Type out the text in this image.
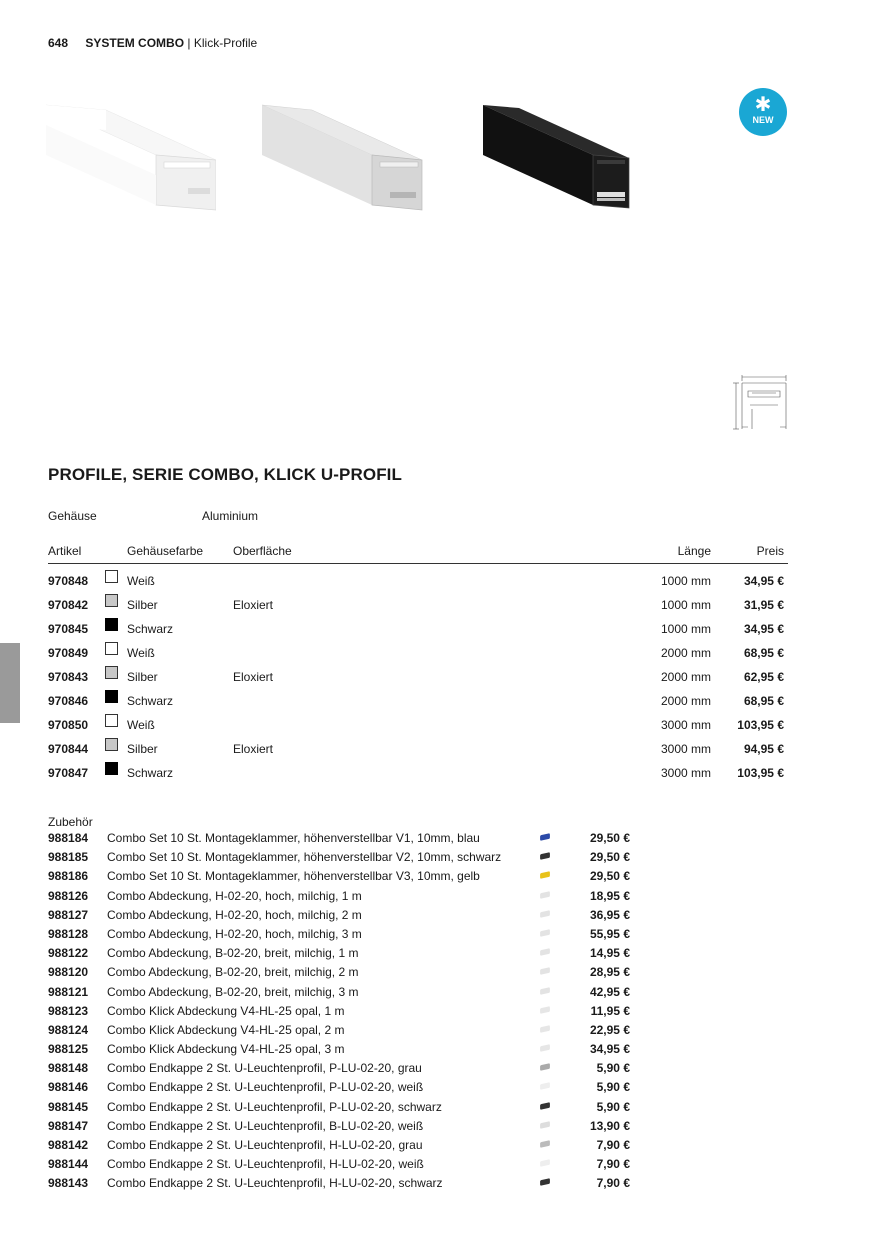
648 SYSTEM COMBO | Klick-Profile
✱
NEW
PROFILE, SERIE COMBO, KLICK U-PROFIL
Gehäuse	Aluminium
Artikel	Gehäusefarbe Oberfläche	Länge	Preis
970848	Weiß	1000 mm	34,95 €
970842	Silber	Eloxiert	1000 mm	31,95 €
970845	Schwarz	1000 mm	34,95 €
970849	Weiß	2000 mm	68,95 €
970843	Silber	Eloxiert	2000 mm	62,95 €
970846	Schwarz	2000 mm	68,95 €
970850	Weiß	3000 mm 103,95 €
970844	Silber	Eloxiert	3000 mm	94,95 €
970847	Schwarz	3000 mm 103,95 €
Zubehör
988184 Combo Set 10 St. Montageklammer, höhenverstellbar V1, 10mm, blau	29,50 €
988185 Combo Set 10 St. Montageklammer, höhenverstellbar V2, 10mm, schwarz	29,50 €
988186 Combo Set 10 St. Montageklammer, höhenverstellbar V3, 10mm, gelb	29,50 €
988126 Combo Abdeckung, H-02-20, hoch, milchig, 1 m	18,95 €
988127 Combo Abdeckung, H-02-20, hoch, milchig, 2 m	36,95 €
988128 Combo Abdeckung, H-02-20, hoch, milchig, 3 m	55,95 €
988122 Combo Abdeckung, B-02-20, breit, milchig, 1 m	14,95 €
988120 Combo Abdeckung, B-02-20, breit, milchig, 2 m	28,95 €
988121 Combo Abdeckung, B-02-20, breit, milchig, 3 m	42,95 €
988123 Combo Klick Abdeckung V4-HL-25 opal, 1 m	11,95 €
988124 Combo Klick Abdeckung V4-HL-25 opal, 2 m	22,95 €
988125 Combo Klick Abdeckung V4-HL-25 opal, 3 m	34,95 €
988148 Combo Endkappe 2 St. U-Leuchtenprofil, P-LU-02-20, grau	5,90 €
988146 Combo Endkappe 2 St. U-Leuchtenprofil, P-LU-02-20, weiß	5,90 €
988145 Combo Endkappe 2 St. U-Leuchtenprofil, P-LU-02-20, schwarz	5,90 €
988147 Combo Endkappe 2 St. U-Leuchtenprofil, B-LU-02-20, weiß	13,90 €
988142 Combo Endkappe 2 St. U-Leuchtenprofil, H-LU-02-20, grau	7,90 €
988144 Combo Endkappe 2 St. U-Leuchtenprofil, H-LU-02-20, weiß	7,90 €
988143 Combo Endkappe 2 St. U-Leuchtenprofil, H-LU-02-20, schwarz	7,90 €
